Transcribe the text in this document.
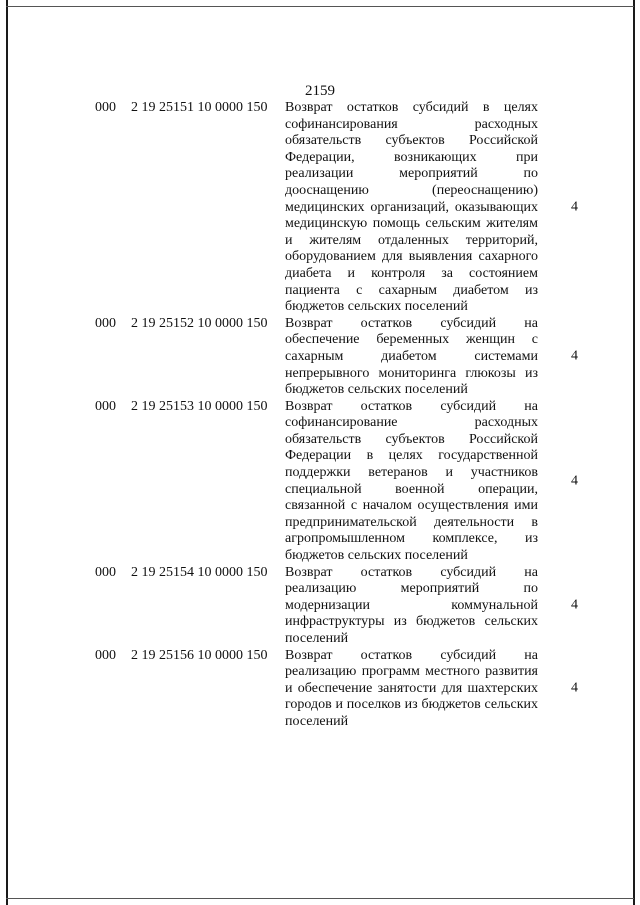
2159
000 2 19 25151 10 0000 150 Возврат остатков субсидий в целях софинансирования расходных обязательств субъектов Российской Федерации, возникающих при реализации мероприятий по дооснащению (переоснащению) медицинских организаций, оказывающих медицинскую помощь сельским жителям и жителям отдаленных территорий, оборудованием для выявления сахарного диабета и контроля за состоянием пациента с сахарным диабетом из бюджетов сельских поселений
4
000 2 19 25152 10 0000 150 Возврат остатков субсидий на обеспечение беременных женщин с сахарным диабетом системами непрерывного мониторинга глюкозы из бюджетов сельских поселений
4
000 2 19 25153 10 0000 150 Возврат остатков субсидий на софинансирование расходных обязательств субъектов Российской Федерации в целях государственной поддержки ветеранов и участников специальной военной операции, связанной с началом осуществления ими предпринимательской деятельности в агропромышленном комплексе, из бюджетов сельских поселений
4
000 2 19 25154 10 0000 150 Возврат остатков субсидий на реализацию мероприятий по модернизации коммунальной инфраструктуры из бюджетов сельских поселений
4
000 2 19 25156 10 0000 150 Возврат остатков субсидий на реализацию программ местного развития и обеспечение занятости для шахтерских городов и поселков из бюджетов сельских поселений
4
